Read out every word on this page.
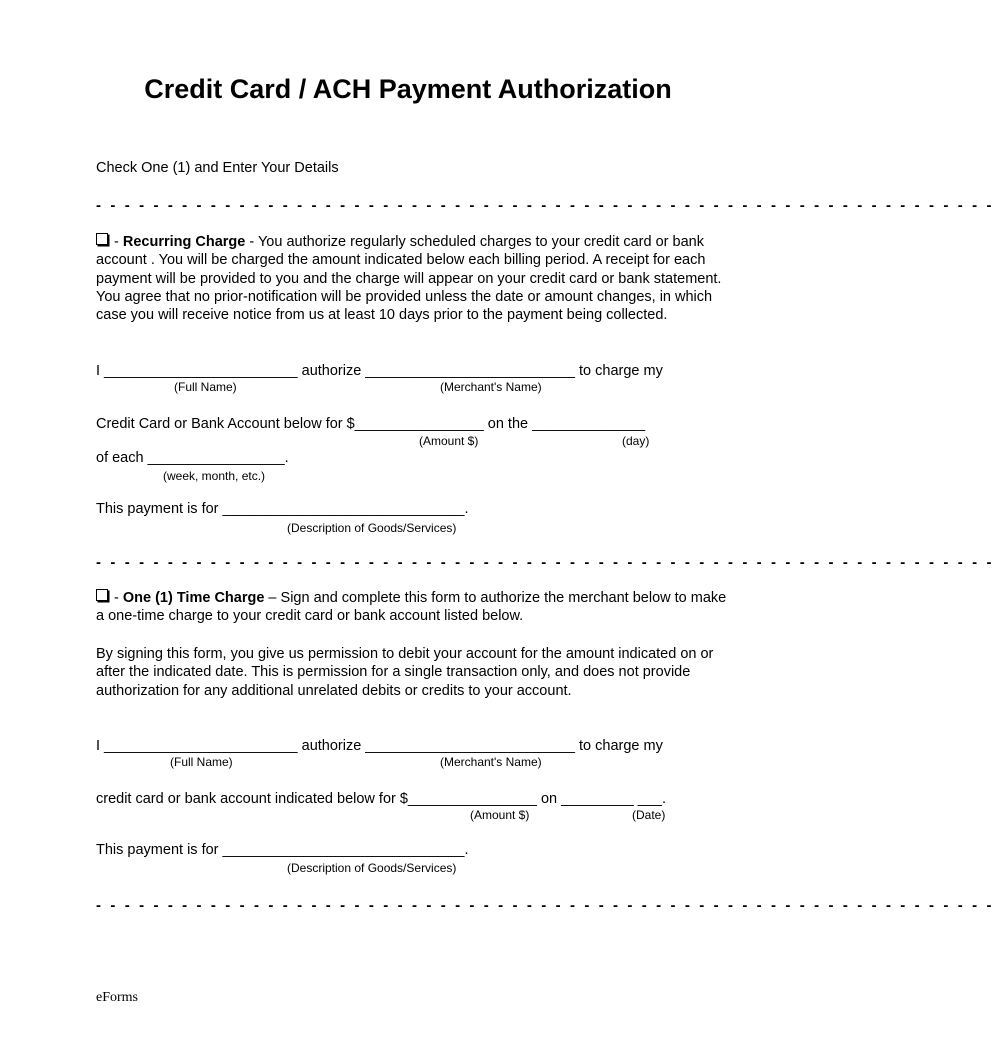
Credit Card / ACH Payment Authorization
Check One (1) and Enter Your Details
- - - - - - - - - - - - - - - - - - - - - - - - - - - - - - - - - - - - - - - - - - - - - - - - - - - - - - - - - - - - - - -
- Recurring Charge - You authorize regularly scheduled charges to your credit card or bank account . You will be charged the amount indicated below each billing period. A receipt for each payment will be provided to you and the charge will appear on your credit card or bank statement. You agree that no prior-notification will be provided unless the date or amount changes, in which case you will receive notice from us at least 10 days prior to the payment being collected.
I ________________________ authorize __________________________ to charge my
(Full Name)	(Merchant's Name)
Credit Card or Bank Account below for $________________ on the ______________
(Amount $)	(day)
of each _________________.
(week, month, etc.)
This payment is for ______________________________.
(Description of Goods/Services)
- - - - - - - - - - - - - - - - - - - - - - - - - - - - - - - - - - - - - - - - - - - - - - - - - - - - - - - - - - - - - - -
- One (1) Time Charge – Sign and complete this form to authorize the merchant below to make a one-time charge to your credit card or bank account listed below.
By signing this form, you give us permission to debit your account for the amount indicated on or after the indicated date. This is permission for a single transaction only, and does not provide authorization for any additional unrelated debits or credits to your account.
I ________________________ authorize __________________________ to charge my
(Full Name)	(Merchant's Name)
credit card or bank account indicated below for $________________ on _________ ___.
(Amount $)	(Date)
This payment is for ______________________________.
(Description of Goods/Services)
- - - - - - - - - - - - - - - - - - - - - - - - - - - - - - - - - - - - - - - - - - - - - - - - - - - - - - - - - - - - - - -
eForms
